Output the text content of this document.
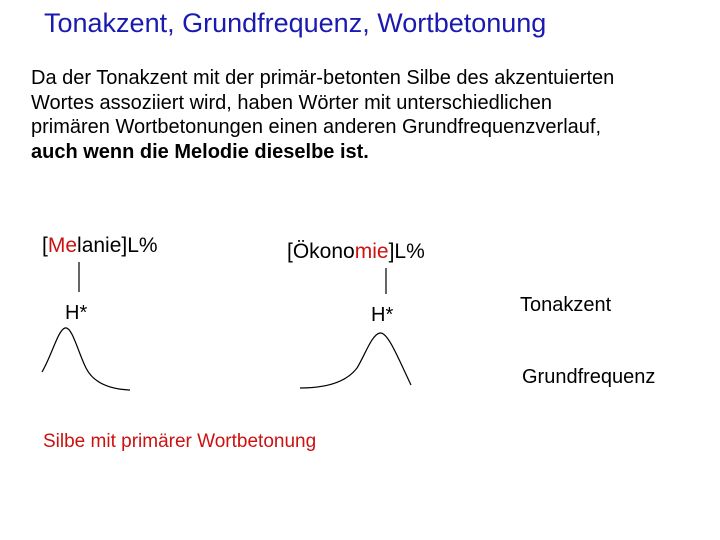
Tonakzent, Grundfrequenz, Wortbetonung
Da der Tonakzent mit der primär-betonten Silbe des akzentuierten
Wortes assoziiert wird, haben Wörter mit unterschiedlichen
primären Wortbetonungen einen anderen Grundfrequenzverlauf,
auch wenn die Melodie dieselbe ist.
[Melanie]L%	[Ökonomie]L%
H*	H*	Tonakzent
Grundfrequenz
Silbe mit primärer Wortbetonung
